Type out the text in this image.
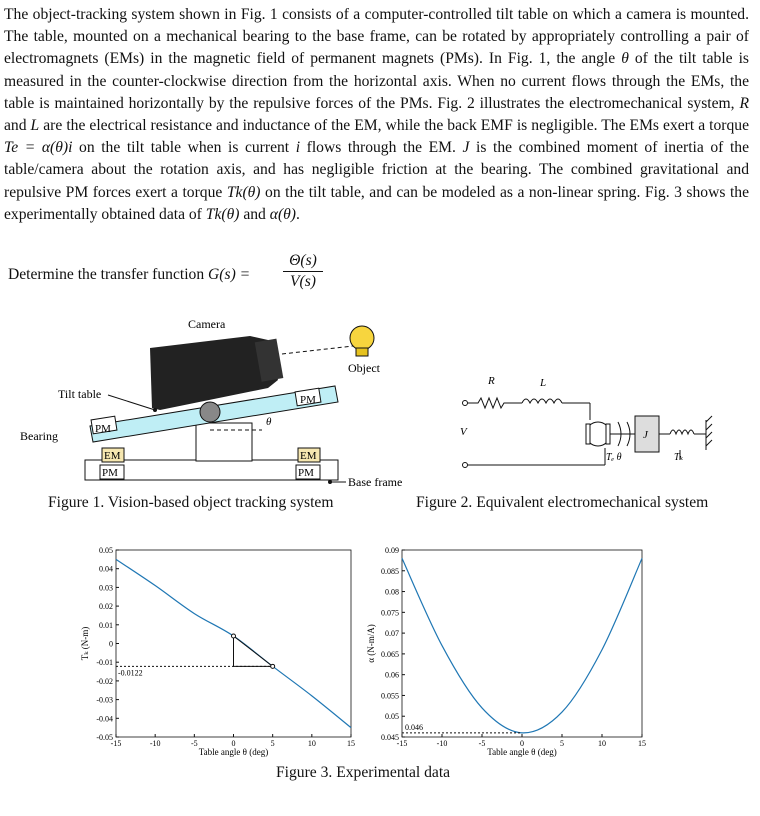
The object-tracking system shown in Fig. 1 consists of a computer-controlled tilt table on which a camera is mounted. The table, mounted on a mechanical bearing to the base frame, can be rotated by appropriately controlling a pair of electromagnets (EMs) in the magnetic field of permanent magnets (PMs). In Fig. 1, the angle θ of the tilt table is measured in the counter-clockwise direction from the horizontal axis. When no current flows through the EMs, the table is maintained horizontally by the repulsive forces of the PMs. Fig. 2 illustrates the electromechanical system, R and L are the electrical resistance and inductance of the EM, while the back EMF is negligible. The EMs exert a torque Te = α(θ)i on the tilt table when is current i flows through the EM. J is the combined moment of inertia of the table/camera about the rotation axis, and has negligible friction at the bearing. The combined gravitational and repulsive PM forces exert a torque Tk(θ) on the tilt table, and can be modeled as a non-linear spring. Fig. 3 shows the experimentally obtained data of Tk(θ) and α(θ).

Determine the transfer function $G(s) = \frac{\Theta(s)}{V(s)}$
Camera
Object
Tilt table
Bearing	PM
PM
EM	EM
PM	PM
θ
Base frame
Figure 1. Vision-based object tracking system
R	L
V	J
Tₑ θ	Tₖ
Figure 2. Equivalent electromechanical system
-15	-10	-5	0	5	10	15
0.05
0.04
0.03
0.02
0.01
0
-0.01
-0.02
-0.03
-0.04
-0.05
Table angle θ (deg)
Tₖ (N-m)
-0.0122
-15	-10	-5	0	5	10	15
0.09
0.085
0.08
0.075
0.07
0.065
0.06
0.055
0.05
0.045
Table angle θ (deg)
α (N-m/A)
0.046
Figure 3. Experimental data
